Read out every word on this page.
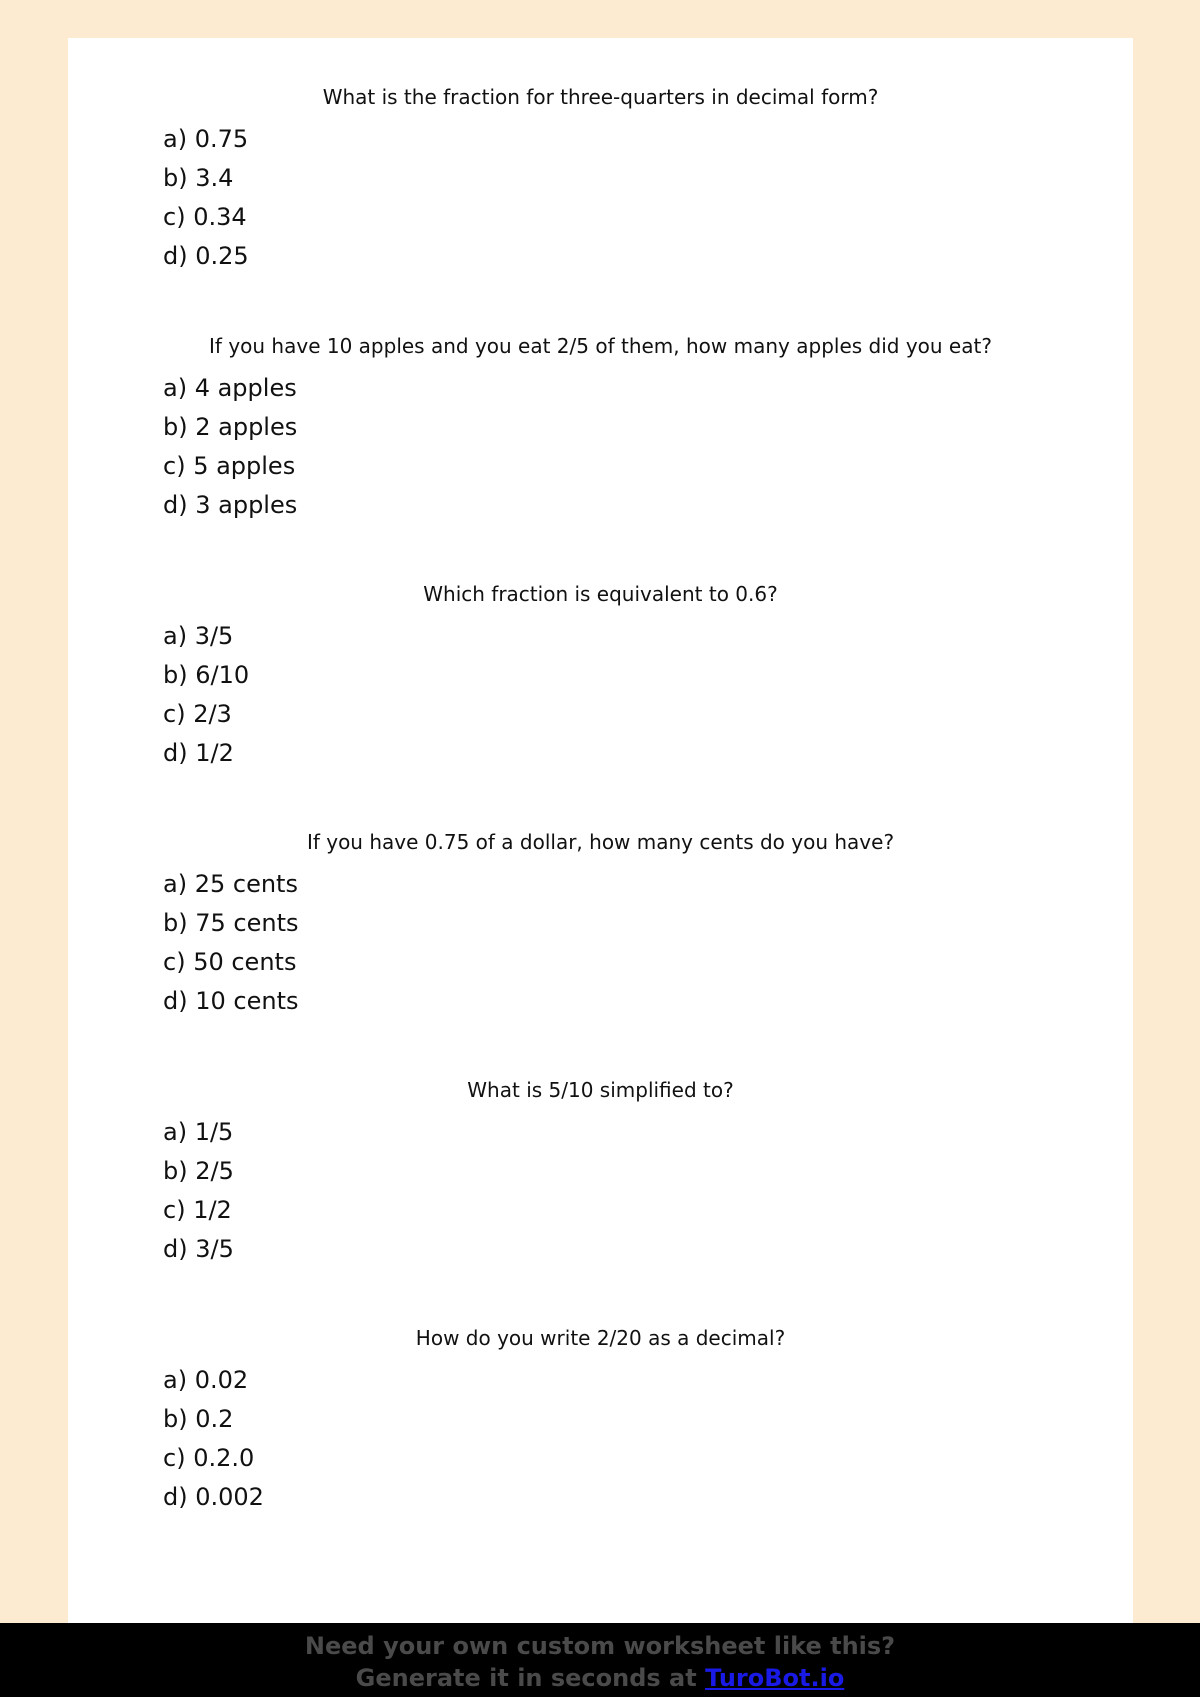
What is the fraction for three-quarters in decimal form?
a) 0.75
b) 3.4
c) 0.34
d) 0.25
If you have 10 apples and you eat 2/5 of them, how many apples did you eat?
a) 4 apples
b) 2 apples
c) 5 apples
d) 3 apples
Which fraction is equivalent to 0.6?
a) 3/5
b) 6/10
c) 2/3
d) 1/2
If you have 0.75 of a dollar, how many cents do you have?
a) 25 cents
b) 75 cents
c) 50 cents
d) 10 cents
What is 5/10 simplified to?
a) 1/5
b) 2/5
c) 1/2
d) 3/5
How do you write 2/20 as a decimal?
a) 0.02
b) 0.2
c) 0.2.0
d) 0.002
Need your own custom worksheet like this?
Generate it in seconds at TuroBot.io
